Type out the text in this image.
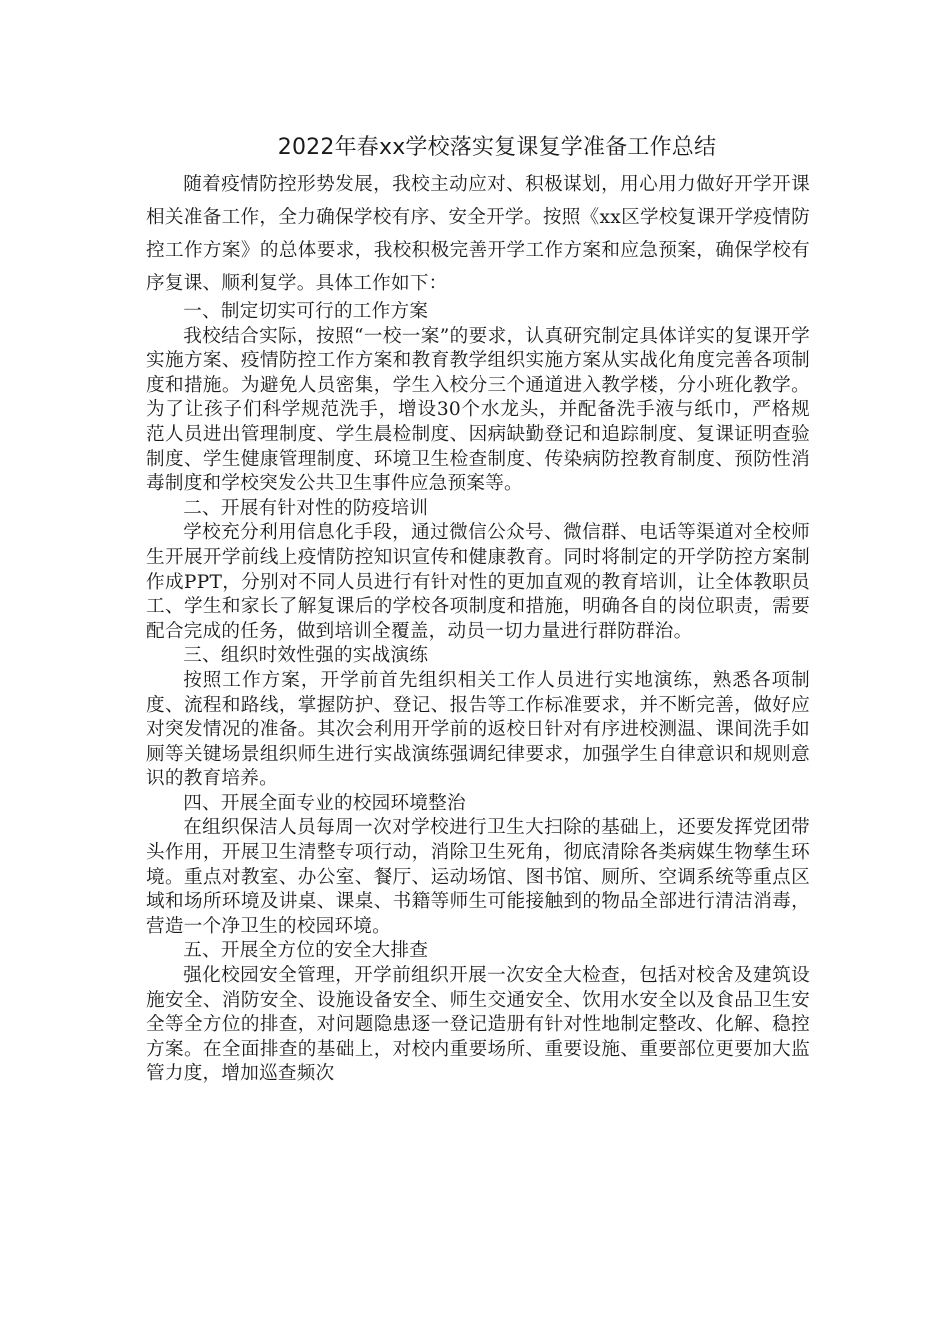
2022年春xx学校落实复课复学准备工作总结

随着疫情防控形势发展，我校主动应对、积极谋划，用心用力做好开学开课相关准备工作，全力确保学校有序、安全开学。按照《xx区学校复课开学疫情防控工作方案》的总体要求，我校积极完善开学工作方案和应急预案，确保学校有序复课、顺利复学。具体工作如下：

一、制定切实可行的工作方案

我校结合实际，按照“一校一案”的要求，认真研究制定具体详实的复课开学实施方案、疫情防控工作方案和教育教学组织实施方案从实战化角度完善各项制度和措施。为避免人员密集，学生入校分三个通道进入教学楼，分小班化教学。为了让孩子们科学规范洗手，增设30个水龙头，并配备洗手液与纸巾，严格规范人员进出管理制度、学生晨检制度、因病缺勤登记和追踪制度、复课证明查验制度、学生健康管理制度、环境卫生检查制度、传染病防控教育制度、预防性消毒制度和学校突发公共卫生事件应急预案等。

二、开展有针对性的防疫培训

学校充分利用信息化手段，通过微信公众号、微信群、电话等渠道对全校师生开展开学前线上疫情防控知识宣传和健康教育。同时将制定的开学防控方案制作成PPT，分别对不同人员进行有针对性的更加直观的教育培训，让全体教职员工、学生和家长了解复课后的学校各项制度和措施，明确各自的岗位职责，需要配合完成的任务，做到培训全覆盖，动员一切力量进行群防群治。

三、组织时效性强的实战演练

按照工作方案，开学前首先组织相关工作人员进行实地演练，熟悉各项制度、流程和路线，掌握防护、登记、报告等工作标准要求，并不断完善，做好应对突发情况的准备。其次会利用开学前的返校日针对有序进校测温、课间洗手如厕等关键场景组织师生进行实战演练强调纪律要求，加强学生自律意识和规则意识的教育培养。

四、开展全面专业的校园环境整治

在组织保洁人员每周一次对学校进行卫生大扫除的基础上，还要发挥党团带头作用，开展卫生清整专项行动，消除卫生死角，彻底清除各类病媒生物孳生环境。重点对教室、办公室、餐厅、运动场馆、图书馆、厕所、空调系统等重点区域和场所环境及讲桌、课桌、书籍等师生可能接触到的物品全部进行清洁消毒，营造一个净卫生的校园环境。

五、开展全方位的安全大排查

强化校园安全管理，开学前组织开展一次安全大检查，包括对校舍及建筑设施安全、消防安全、设施设备安全、师生交通安全、饮用水安全以及食品卫生安全等全方位的排查，对问题隐患逐一登记造册有针对性地制定整改、化解、稳控方案。在全面排查的基础上，对校内重要场所、重要设施、重要部位更要加大监管力度，增加巡查频次
